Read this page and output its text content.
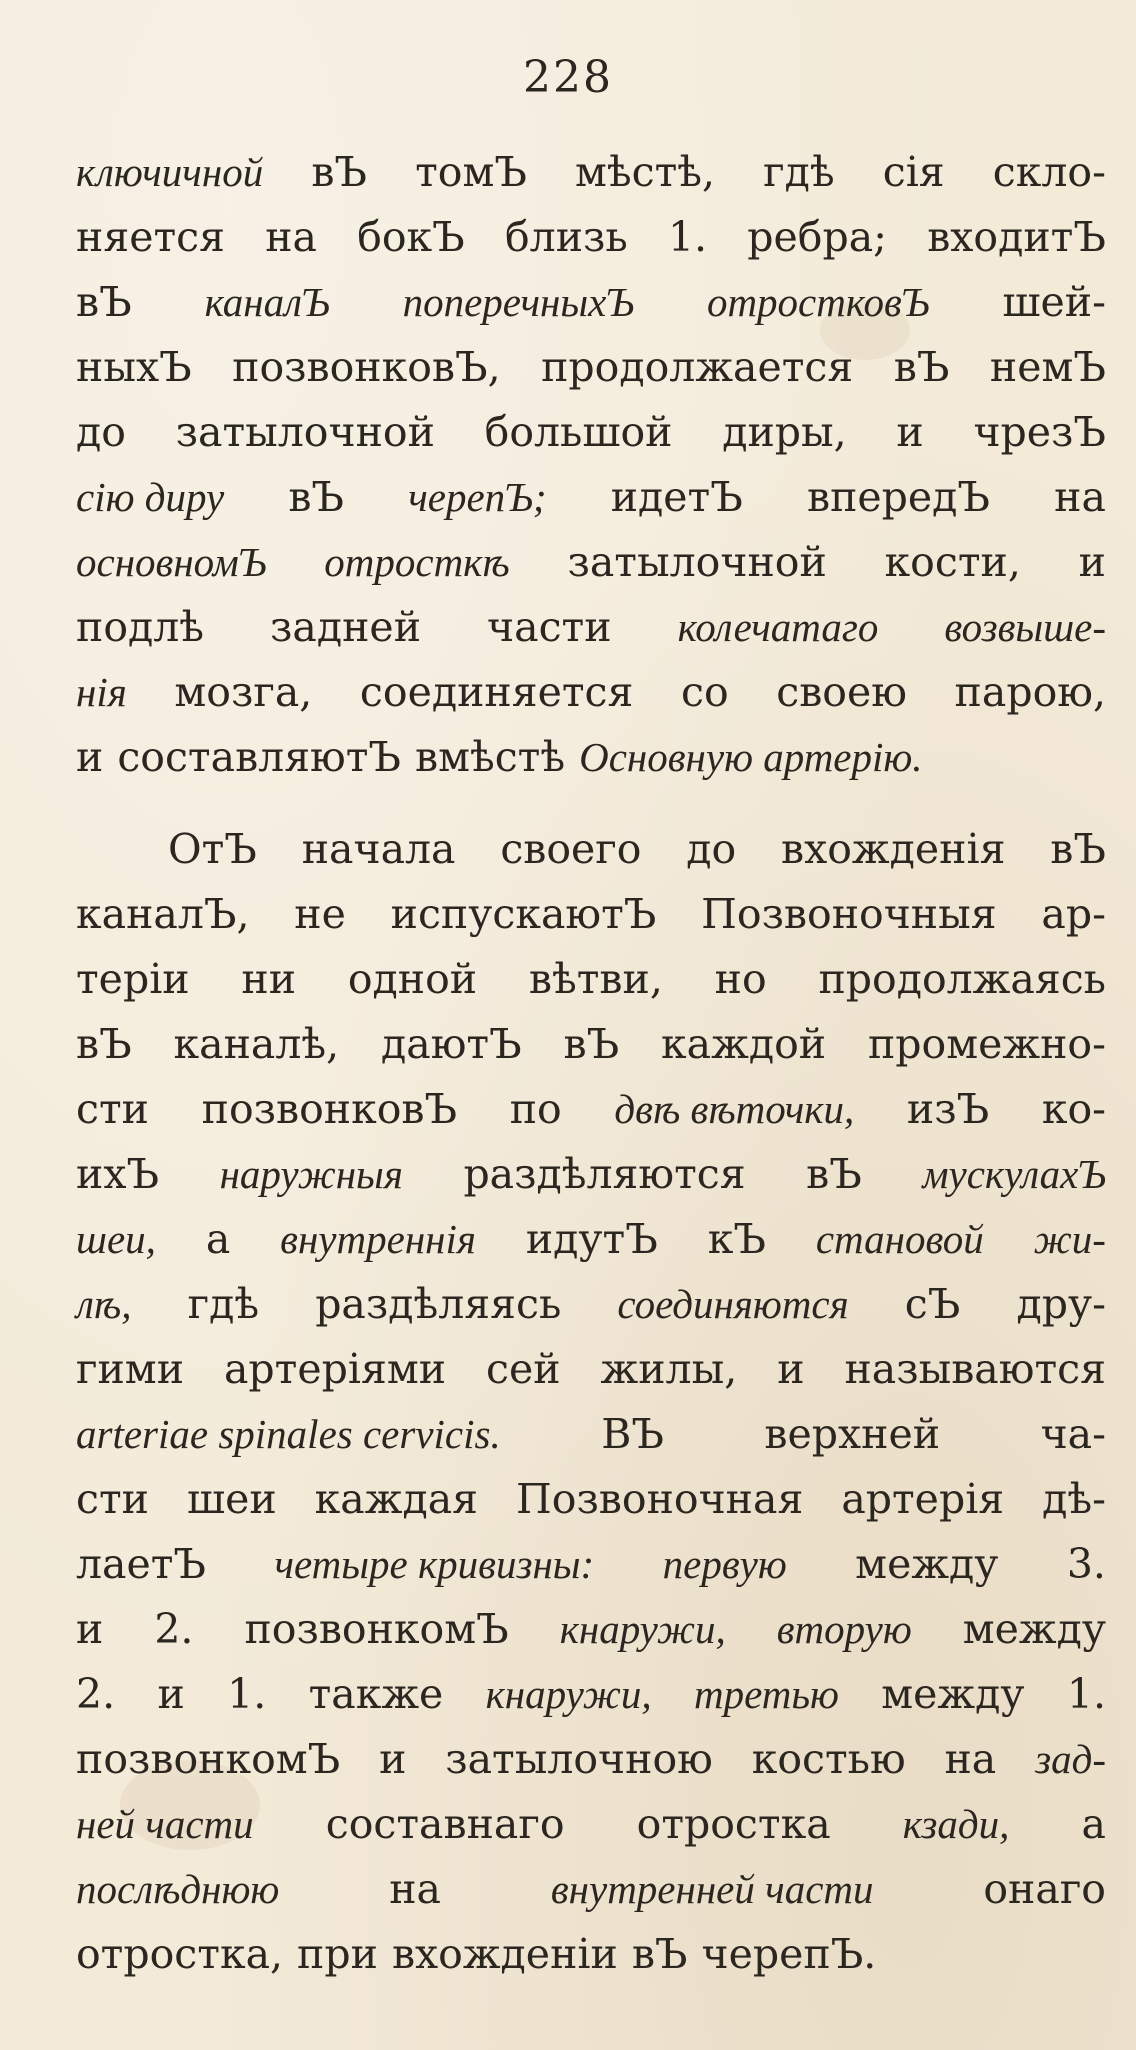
228
ключичной вЪ томЪ мѣстѣ, гдѣ сія скло-
няется на бокЪ близь 1. ребра; входитЪ
вЪ каналЪ поперечныхЪ отростковЪ шей-
ныхЪ позвонковЪ, продолжается вЪ немЪ
до затылочной большой диры, и чрезЪ
сію диру вЪ черепЪ; идетЪ впередЪ на
основномЪ отросткѣ затылочной кости, и
подлѣ задней части колечатаго возвыше-
нія мозга, соединяется со своею парою,
и составляютЪ вмѣстѣ Основную артерію.
ОтЪ начала своего до вхожденія вЪ
каналЪ, не испускаютЪ Позвоночныя ар-
теріи ни одной вѣтви, но продолжаясь
вЪ каналѣ, даютЪ вЪ каждой промежно-
сти позвонковЪ по двѣ вѣточки, изЪ ко-
ихЪ наружныя раздѣляются вЪ мускулахЪ
шеи, а внутреннія идутЪ кЪ становой жи-
лѣ, гдѣ раздѣляясь соединяются сЪ дру-
гими артеріями сей жилы, и называются
arteriae spinales cervicis. ВЪ верхней ча-
сти шеи каждая Позвоночная артерія дѣ-
лаетЪ четыре кривизны: первую между 3.
и 2. позвонкомЪ кнаружи, вторую между
2. и 1. также кнаружи, третью между 1.
позвонкомЪ и затылочною костью на зад-
ней части составнаго отростка кзади, а
послѣднюю	на	внутренней части	онаго
отростка, при вхожденіи вЪ черепЪ.
